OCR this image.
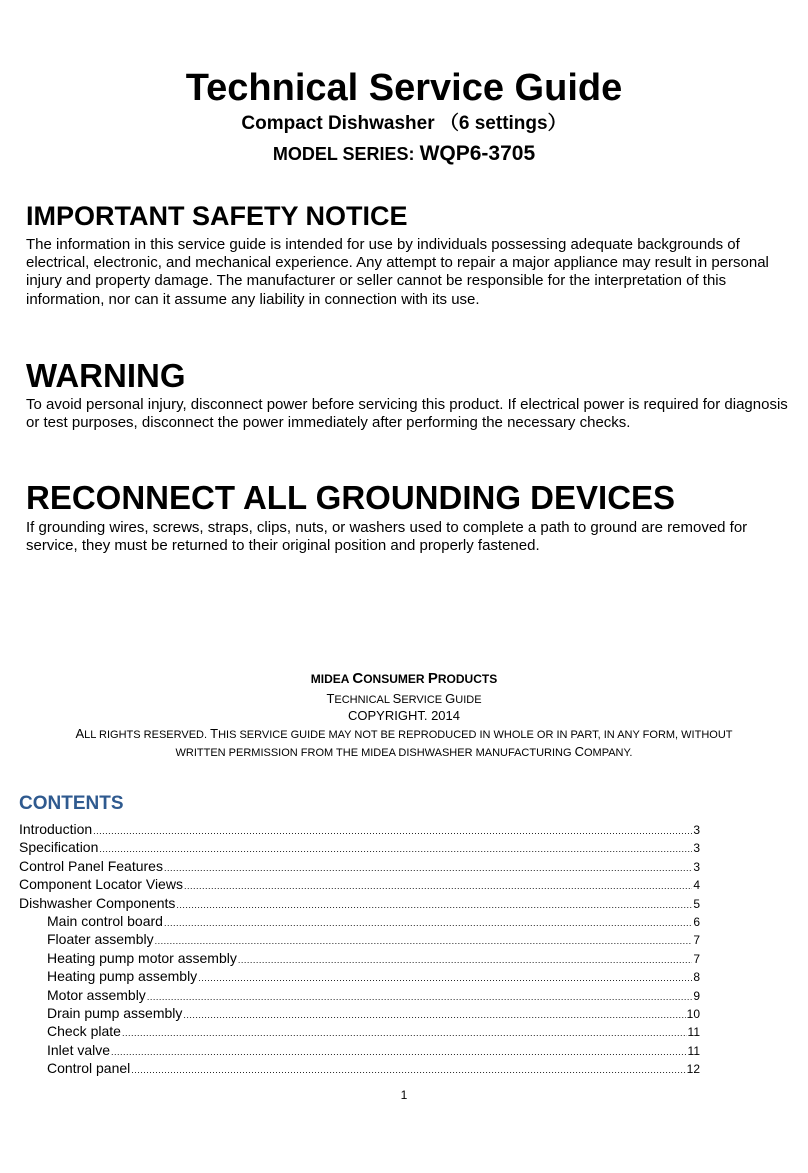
Technical Service Guide
Compact Dishwasher （6 settings）
MODEL SERIES: WQP6-3705
IMPORTANT SAFETY NOTICE
The information in this service guide is intended for use by individuals possessing adequate backgrounds of electrical, electronic, and mechanical experience. Any attempt to repair a major appliance may result in personal injury and property damage. The manufacturer or seller cannot be responsible for the interpretation of this information, nor can it assume any liability in connection with its use.
WARNING
To avoid personal injury, disconnect power before servicing this product. If electrical power is required for diagnosis or test purposes, disconnect the power immediately after performing the necessary checks.
RECONNECT ALL GROUNDING DEVICES
If grounding wires, screws, straps, clips, nuts, or washers used to complete a path to ground are removed for service, they must be returned to their original position and properly fastened.
MIDEA CONSUMER PRODUCTS
TECHNICAL SERVICE GUIDE
COPYRIGHT. 2014
ALL RIGHTS RESERVED. THIS SERVICE GUIDE MAY NOT BE REPRODUCED IN WHOLE OR IN PART, IN ANY FORM, WITHOUT
WRITTEN PERMISSION FROM THE MIDEA DISHWASHER MANUFACTURING COMPANY.
CONTENTS
Introduction .....	3
Specification .....	3
Control Panel Features .....	3
Component Locator Views .....	4
Dishwasher Components .....	5
Main control board .....	6
Floater assembly .....	7
Heating pump motor assembly .....	7
Heating pump assembly .....	8
Motor assembly .....	9
Drain pump assembly .....	10
Check plate .....	11
Inlet valve .....	11
Control panel .....	12
1
